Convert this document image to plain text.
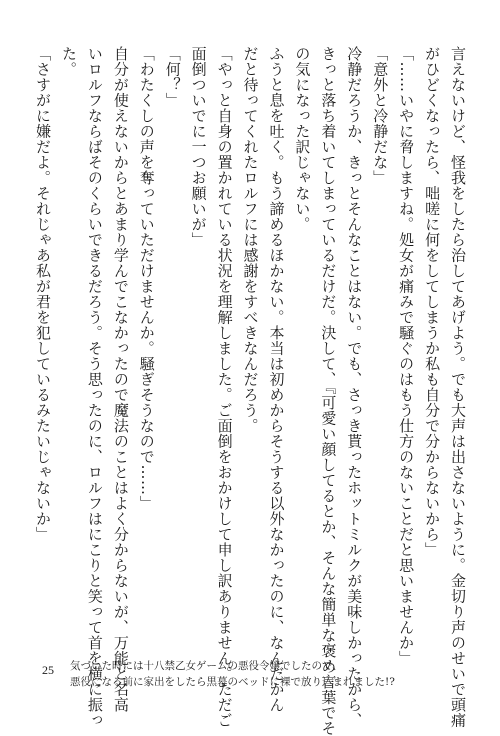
言えないけど、怪我をしたら治してあげよう。でも大声は出さないように。金切り声のせいで頭痛
がひどくなったら、咄嗟に何をしてしまうか私も自分で分からないから」
「……いやに脅しますね。処女が痛みで騒ぐのはもう仕方のないことだと思いませんか」
「意外と冷静だな」
冷静だろうか、きっとそんなことはない。でも、さっき貰ったホットミルクが美味しかったから、
きっと落ち着いてしまっているだけだ。決して、『可愛い顔してるとか、そんな簡単な褒め言葉でそ
の気になった訳じゃない。
ふうと息を吐く。もう諦めるほかない。本当は初めからそうする以外なかったのに、なんだかん
だと待ってくれたロルフには感謝をすべきなんだろう。
「やっと自身の置かれている状況を理解しました。ご面倒をおかけして申し訳ありません。ただご
面倒ついでに一つお願いが」
「何？」
「わたくしの声を奪っていただけませんか。騒ぎそうなので……」
自分が使えないからとあまり学んでこなかったので魔法のことはよく分からないが、万能と名高
いロルフならばそのくらいできるだろう。そう思ったのに、ロルフはにこりと笑って首を横に振っ
た。
「さすがに嫌だよ。それじゃあ私が君を犯しているみたいじゃないか」
25 気づいた時には十八禁乙女ゲームの悪役令嬢でしたので、
悪役になる前に家出をしたら黒幕のベッドに裸で放り込まれました!?
